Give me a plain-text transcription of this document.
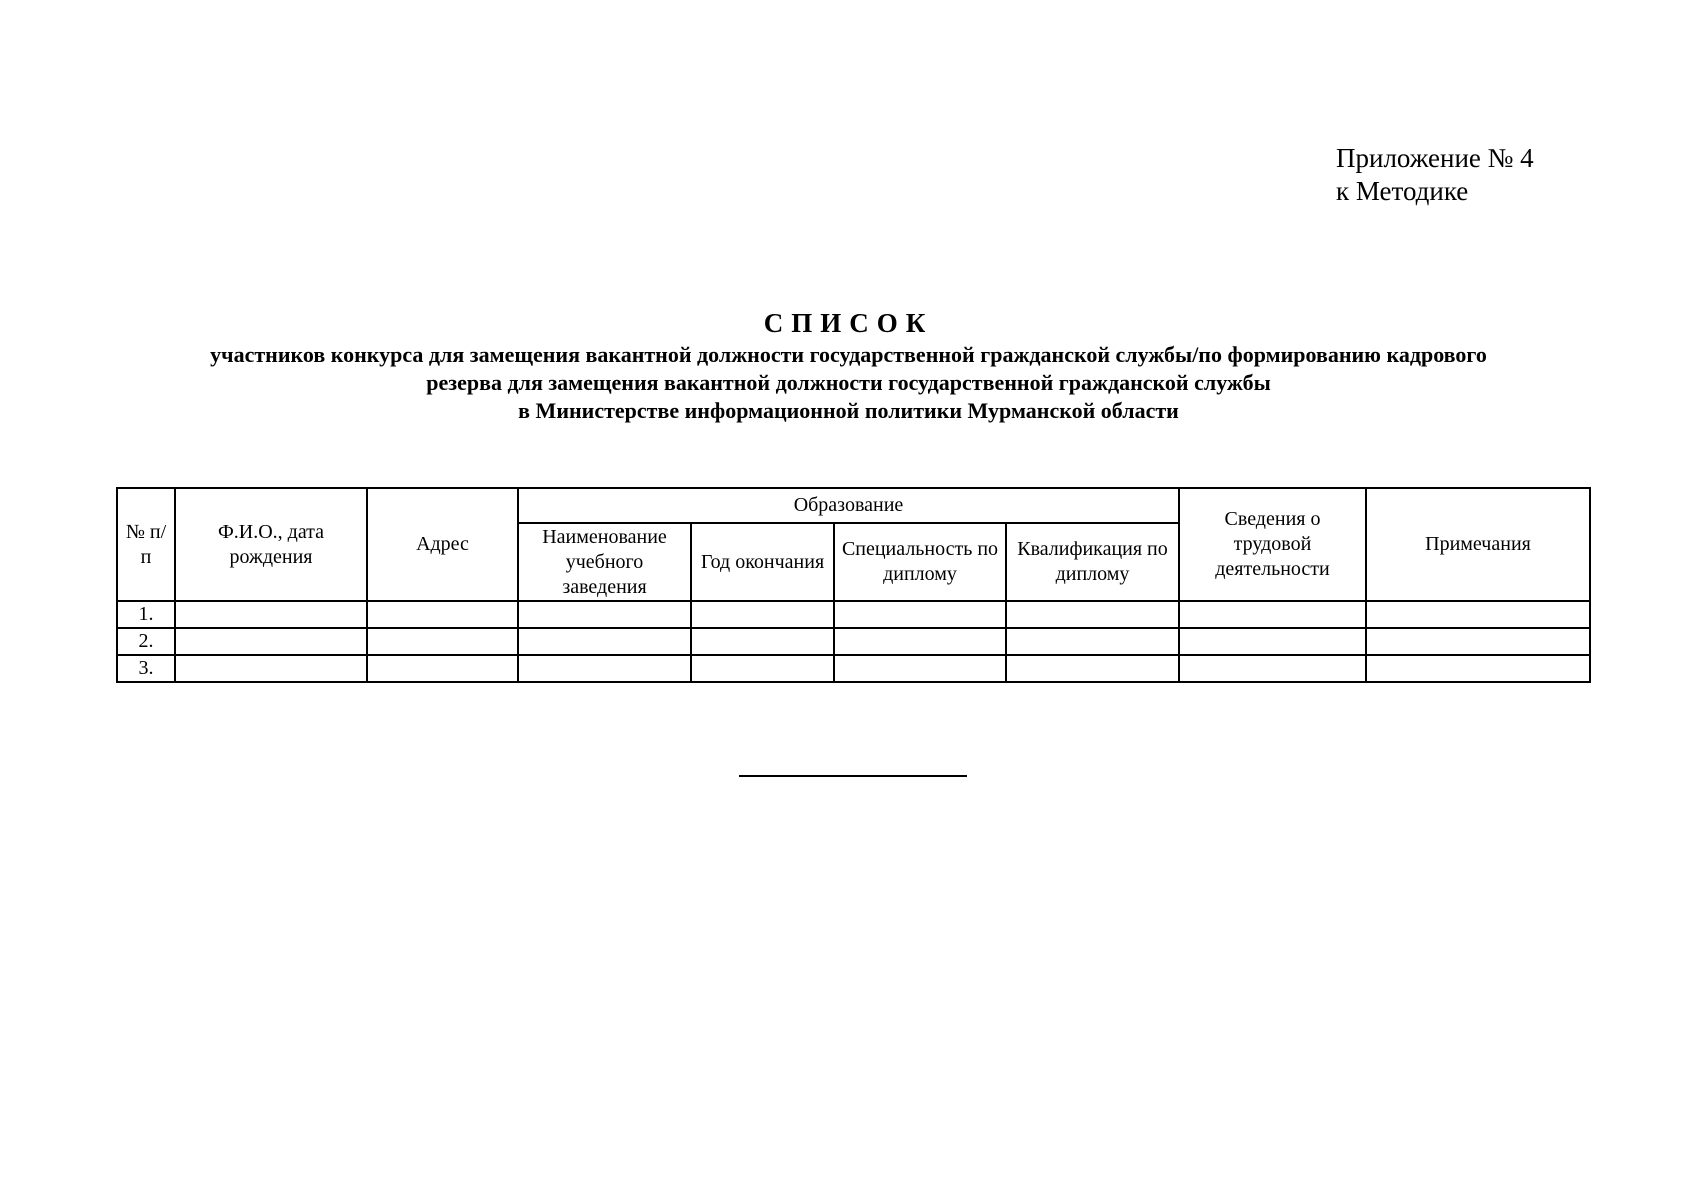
Приложение № 4
к Методике
СПИСОК
участников конкурса для замещения вакантной должности государственной гражданской службы/по формированию кадрового
резерва для замещения вакантной должности государственной гражданской службы
в Министерстве информационной политики Мурманской области
№ п/п	Ф.И.О., дата рождения	Адрес	Образование				Сведения о трудовой деятельности	Примечания
			Наименование учебного заведения	Год окончания	Специальность по диплому	Квалификация по диплому		
1.								
2.								
3.								
